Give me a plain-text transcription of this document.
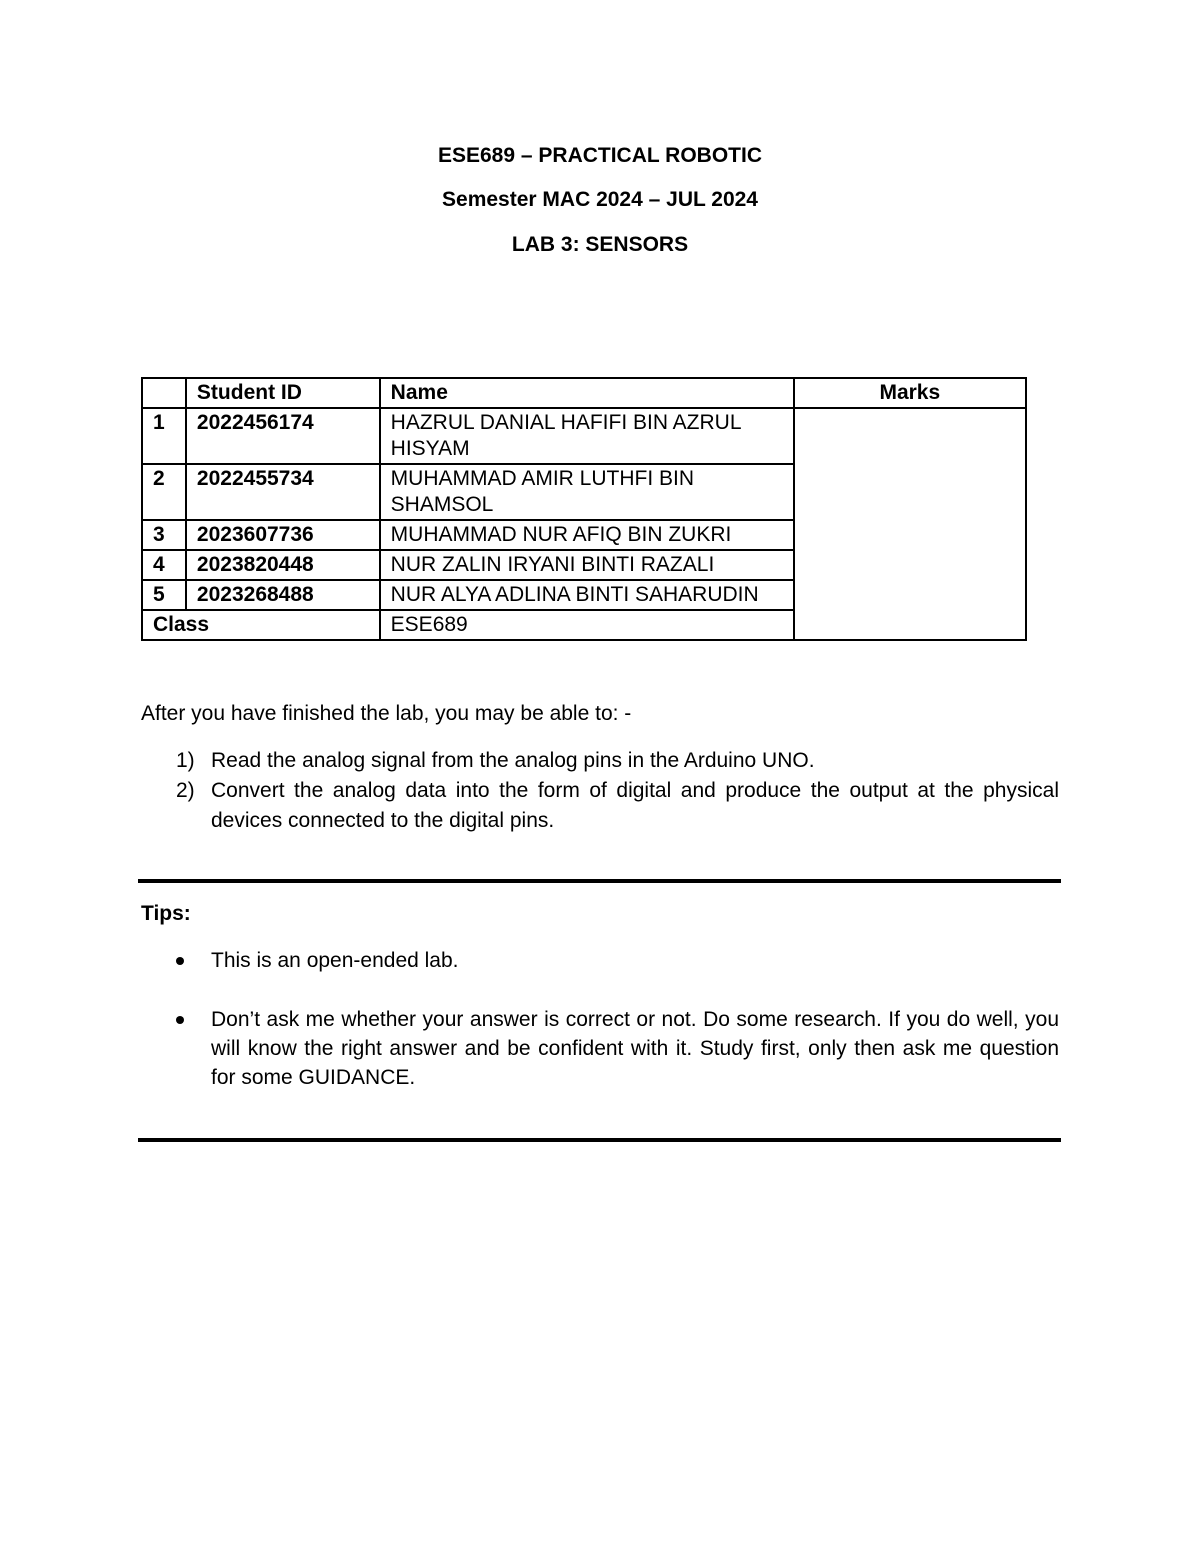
ESE689 – PRACTICAL ROBOTIC
Semester MAC 2024 – JUL 2024
LAB 3: SENSORS
	Student ID	Name	Marks
1	2022456174	HAZRUL DANIAL HAFIFI BIN AZRUL HISYAM	
2	2022455734	MUHAMMAD AMIR LUTHFI BIN SHAMSOL	
3	2023607736	MUHAMMAD NUR AFIQ BIN ZUKRI	
4	2023820448	NUR ZALIN IRYANI BINTI RAZALI	
5	2023268488	NUR ALYA ADLINA BINTI SAHARUDIN	
Class		ESE689	
After you have finished the lab, you may be able to: -
1) Read the analog signal from the analog pins in the Arduino UNO.
2) Convert the analog data into the form of digital and produce the output at the physical devices connected to the digital pins.
Tips:
This is an open-ended lab.
Don’t ask me whether your answer is correct or not. Do some research. If you do well, you will know the right answer and be confident with it. Study first, only then ask me question for some GUIDANCE.
